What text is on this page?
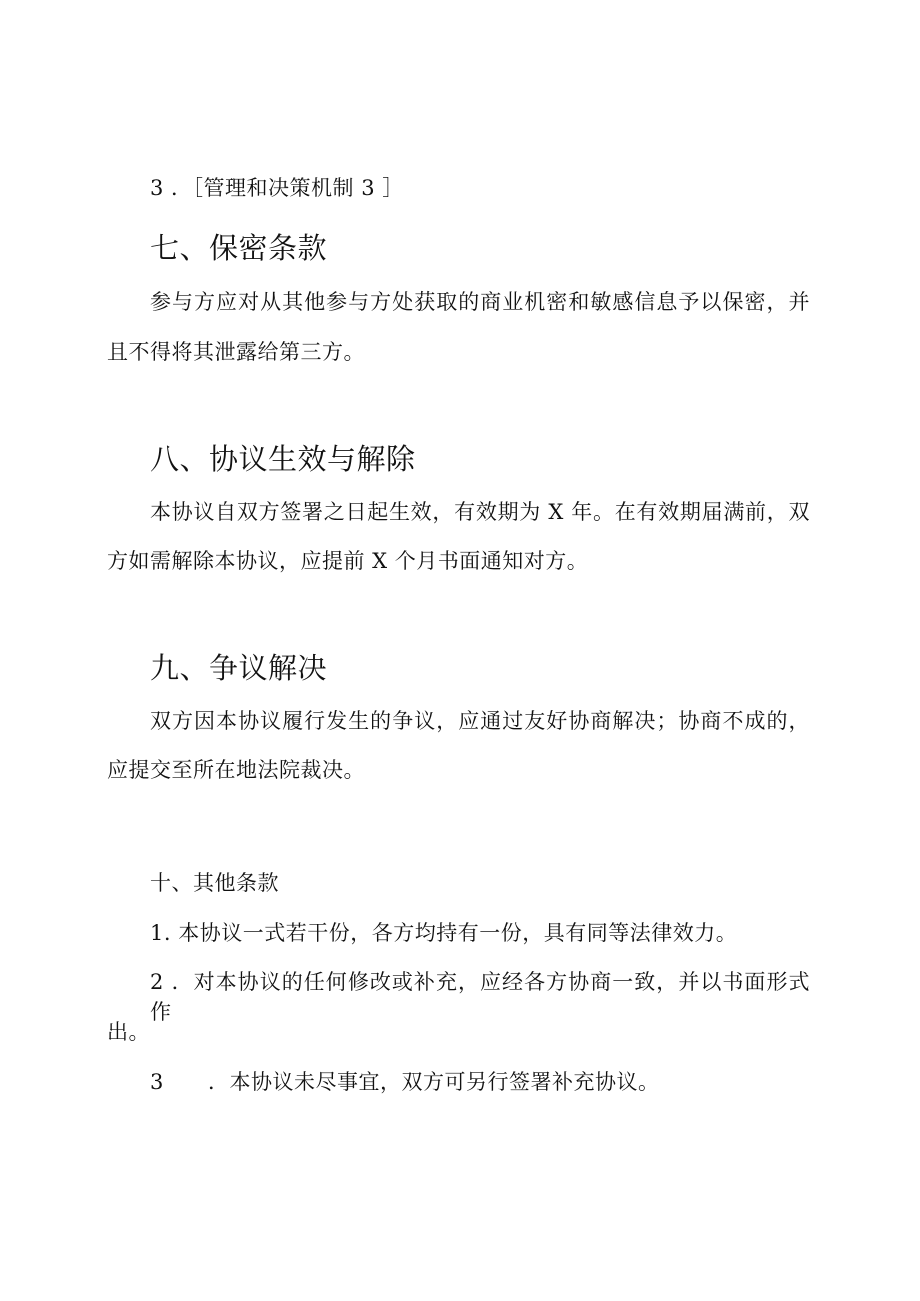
3 ．［管理和决策机制 3 ］
七、保密条款
参与方应对从其他参与方处获取的商业机密和敏感信息予以保密，并
且不得将其泄露给第三方。
八、协议生效与解除
本协议自双方签署之日起生效，有效期为 X 年。在有效期届满前，双
方如需解除本协议，应提前 X 个月书面通知对方。
九、争议解决
双方因本协议履行发生的争议，应通过友好协商解决；协商不成的，
应提交至所在地法院裁决。
十、其他条款
1. 本协议一式若干份，各方均持有一份，具有同等法律效力。
2 ．对本协议的任何修改或补充，应经各方协商一致，并以书面形式作
出。
3 ．本协议未尽事宜，双方可另行签署补充协议。
